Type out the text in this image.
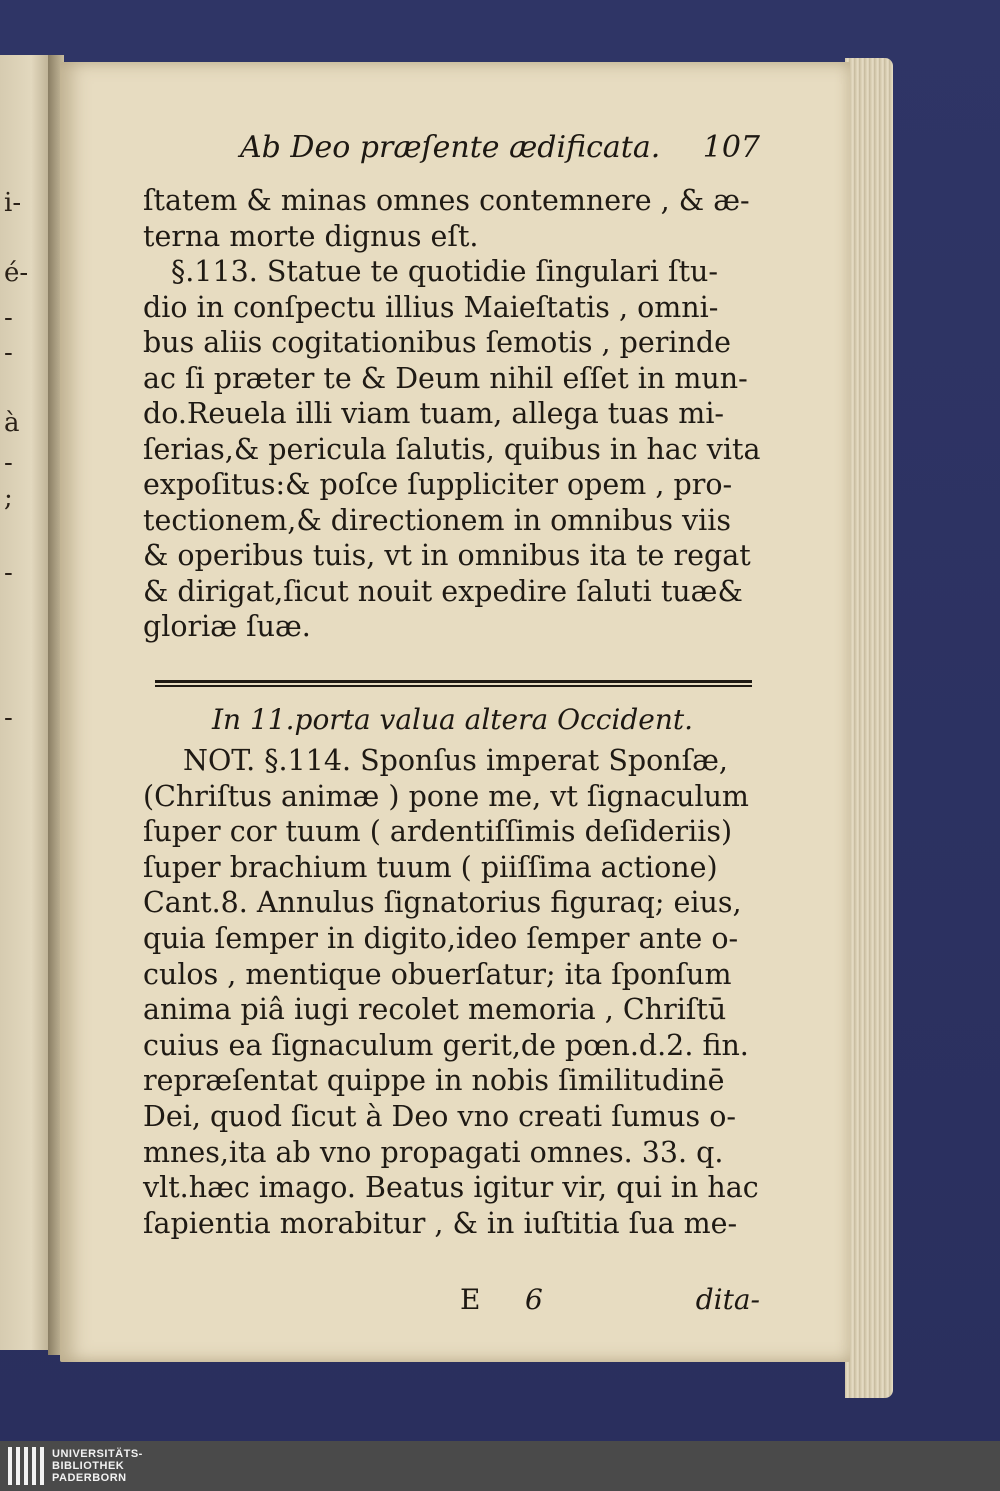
i-
é-
-
-
à
-
;
-
-
Ab Deo præſente ædificata. 107
ſtatem & minas omnes contemnere , & æ-
terna morte dignus eſt.
§.113. Statue te quotidie ſingulari ſtu-
dio in conſpectu illius Maieſtatis , omni-
bus aliis cogitationibus ſemotis , perinde
ac ſi præter te & Deum nihil eſſet in mun-
do.Reuela illi viam tuam, allega tuas mi-
ſerias,& pericula ſalutis, quibus in hac vita
expoſitus:& poſce ſuppliciter opem , pro-
tectionem,& directionem in omnibus viis
& operibus tuis, vt in omnibus ita te regat
& dirigat,ſicut nouit expedire ſaluti tuæ&
gloriæ ſuæ.
In 11.porta valua altera Occident.
NOT. §.114. Sponſus imperat Sponſæ,
(Chriſtus animæ ) pone me, vt ſignaculum
ſuper cor tuum ( ardentiſſimis deſideriis)
ſuper brachium tuum ( piiſſima actione)
Cant.8. Annulus ſignatorius figuraq; eius,
quia ſemper in digito,ideo ſemper ante o-
culos , mentique obuerſatur; ita ſponſum
anima piâ iugi recolet memoria , Chriſtū
cuius ea ſignaculum gerit,de pœn.d.2. fin.
repræſentat quippe in nobis ſimilitudinē
Dei, quod ſicut à Deo vno creati ſumus o-
mnes,ita ab vno propagati omnes. 33. q.
vlt.hæc imago. Beatus igitur vir, qui in hac
ſapientia morabitur , & in iuſtitia ſua me-
E 6	dita-
UNIVERSITÄTS-
BIBLIOTHEK
PADERBORN
